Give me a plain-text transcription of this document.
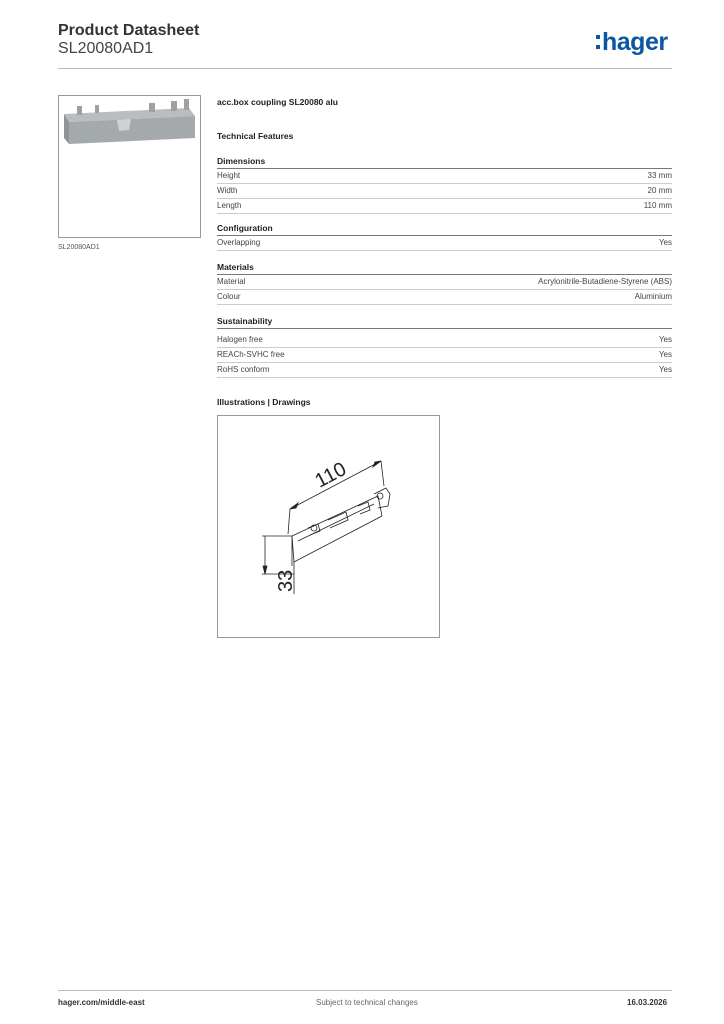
Product Datasheet
SL20080AD1	hager
SL20080AD1
acc.box coupling SL20080 alu
Technical Features
Dimensions
Height	33 mm
Width	20 mm
Length	110 mm
Configuration
Overlapping	Yes
Materials
Material	Acrylonitrile-Butadiene-Styrene (ABS)
Colour	Aluminium
Sustainability
Halogen free	Yes
REACh-SVHC free	Yes
RoHS conform	Yes
Illustrations | Drawings
110
33
hager.com/middle-east	Subject to technical changes	16.03.2026
